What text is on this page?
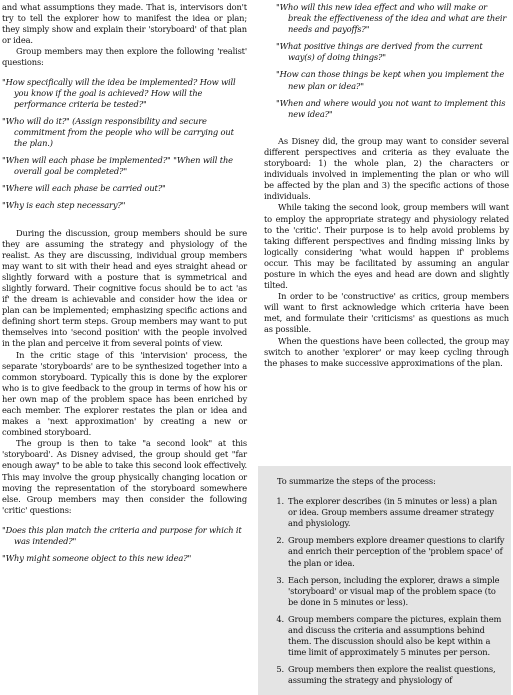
and what assumptions they made. That is, intervisors don't try to tell the explorer how to manifest the idea or plan; they simply show and explain their 'storyboard' of that plan or idea.

Group members may then explore the following 'realist' questions:

"How specifically will the idea be implemented? How will you know if the goal is achieved? How will the performance criteria be tested?"

"Who will do it?" (Assign responsibility and secure commitment from the people who will be carrying out the plan.)

"When will each phase be implemented?" "When will the overall goal be completed?"

"Where will each phase be carried out?"

"Why is each step necessary?"

During the discussion, group members should be sure they are assuming the strategy and physiology of the realist. As they are discussing, individual group members may want to sit with their head and eyes straight ahead or slightly forward with a posture that is symmetrical and slightly forward. Their cognitive focus should be to act 'as if' the dream is achievable and consider how the idea or plan can be implemented; emphasizing specific actions and defining short term steps. Group members may want to put themselves into 'second position' with the people involved in the plan and perceive it from several points of view.

In the critic stage of this 'intervision' process, the separate 'storyboards' are to be synthesized together into a common storyboard. Typically this is done by the explorer who is to give feedback to the group in terms of how his or her own map of the problem space has been enriched by each member. The explorer restates the plan or idea and makes a 'next approximation' by creating a new or combined storyboard.

The group is then to take "a second look" at this 'storyboard'. As Disney advised, the group should get "far enough away" to be able to take this second look effectively. This may involve the group physically changing location or moving the representation of the storyboard somewhere else. Group members may then consider the following 'critic' questions:

"Does this plan match the criteria and purpose for which it was intended?"

"Why might someone object to this new idea?"

"Who will this new idea effect and who will make or break the effectiveness of the idea and what are their needs and payoffs?"

"What positive things are derived from the current way(s) of doing things?"

"How can those things be kept when you implement the new plan or idea?"

"When and where would you not want to implement this new idea?"

As Disney did, the group may want to consider several different perspectives and criteria as they evaluate the storyboard: 1) the whole plan, 2) the characters or individuals involved in implementing the plan or who will be affected by the plan and 3) the specific actions of those individuals.

While taking the second look, group members will want to employ the appropriate strategy and physiology related to the 'critic'. Their purpose is to help avoid problems by taking different perspectives and finding missing links by logically considering 'what would happen if' problems occur. This may be facilitated by assuming an angular posture in which the eyes and head are down and slightly tilted.

In order to be 'constructive' as critics, group members will want to first acknowledge which criteria have been met, and formulate their 'criticisms' as questions as much as possible.

When the questions have been collected, the group may switch to another 'explorer' or may keep cycling through the phases to make successive approximations of the plan.

To summarize the steps of the process:

1. The explorer describes (in 5 minutes or less) a plan or idea. Group members assume dreamer strategy and physiology.
2. Group members explore dreamer questions to clarify and enrich their perception of the 'problem space' of the plan or idea.
3. Each person, including the explorer, draws a simple 'storyboard' or visual map of the problem space (to be done in 5 minutes or less).
4. Group members compare the pictures, explain them and discuss the criteria and assumptions behind them. The discussion should also be kept within a time limit of approximately 5 minutes per person.
5. Group members then explore the realist questions, assuming the strategy and physiology of
